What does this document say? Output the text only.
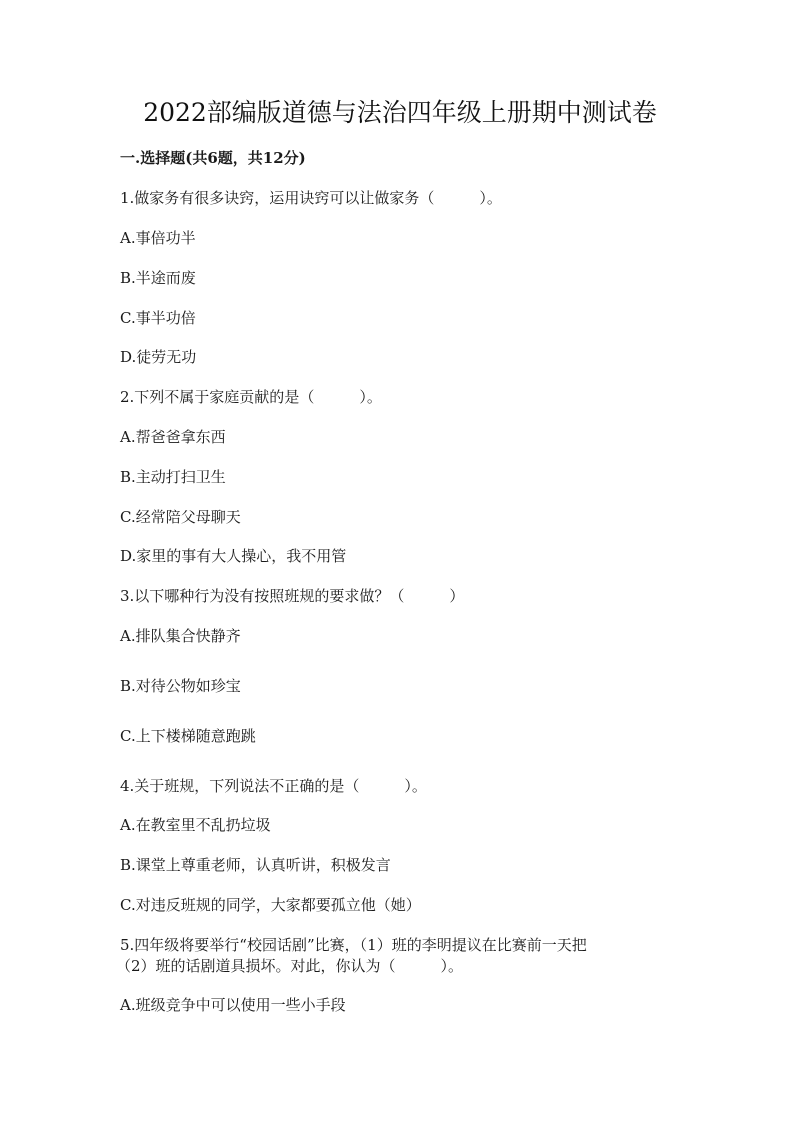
2022部编版道德与法治四年级上册期中测试卷
一.选择题(共6题，共12分)
1.做家务有很多诀窍，运用诀窍可以让做家务（　　　）。
A.事倍功半
B.半途而废
C.事半功倍
D.徒劳无功
2.下列不属于家庭贡献的是（　　　）。
A.帮爸爸拿东西
B.主动打扫卫生
C.经常陪父母聊天
D.家里的事有大人操心，我不用管
3.以下哪种行为没有按照班规的要求做？（　　　）
A.排队集合快静齐
B.对待公物如珍宝
C.上下楼梯随意跑跳
4.关于班规，下列说法不正确的是（　　　）。
A.在教室里不乱扔垃圾
B.课堂上尊重老师，认真听讲，积极发言
C.对违反班规的同学，大家都要孤立他（她）
5.四年级将要举行“校园话剧”比赛，（1）班的李明提议在比赛前一天把
（2）班的话剧道具损坏。对此，你认为（　　　）。
A.班级竞争中可以使用一些小手段
